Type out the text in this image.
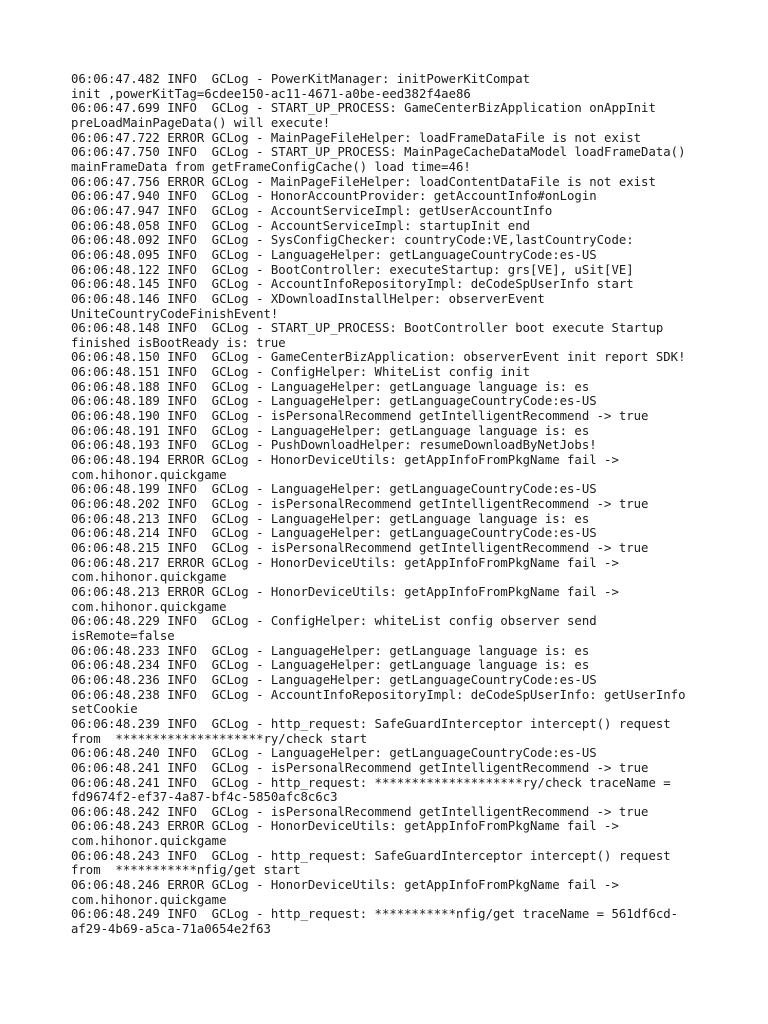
06:06:47.482 INFO  GCLog - PowerKitManager: initPowerKitCompat
init ,powerKitTag=6cdee150-ac11-4671-a0be-eed382f4ae86
06:06:47.699 INFO  GCLog - START_UP_PROCESS: GameCenterBizApplication onAppInit
preLoadMainPageData() will execute!
06:06:47.722 ERROR GCLog - MainPageFileHelper: loadFrameDataFile is not exist
06:06:47.750 INFO  GCLog - START_UP_PROCESS: MainPageCacheDataModel loadFrameData()
mainFrameData from getFrameConfigCache() load time=46!
06:06:47.756 ERROR GCLog - MainPageFileHelper: loadContentDataFile is not exist
06:06:47.940 INFO  GCLog - HonorAccountProvider: getAccountInfo#onLogin
06:06:47.947 INFO  GCLog - AccountServiceImpl: getUserAccountInfo
06:06:48.058 INFO  GCLog - AccountServiceImpl: startupInit end
06:06:48.092 INFO  GCLog - SysConfigChecker: countryCode:VE,lastCountryCode:
06:06:48.095 INFO  GCLog - LanguageHelper: getLanguageCountryCode:es-US
06:06:48.122 INFO  GCLog - BootController: executeStartup: grs[VE], uSit[VE]
06:06:48.145 INFO  GCLog - AccountInfoRepositoryImpl: deCodeSpUserInfo start
06:06:48.146 INFO  GCLog - XDownloadInstallHelper: observerEvent
UniteCountryCodeFinishEvent!
06:06:48.148 INFO  GCLog - START_UP_PROCESS: BootController boot execute Startup
finished isBootReady is: true
06:06:48.150 INFO  GCLog - GameCenterBizApplication: observerEvent init report SDK!
06:06:48.151 INFO  GCLog - ConfigHelper: WhiteList config init
06:06:48.188 INFO  GCLog - LanguageHelper: getLanguage language is: es
06:06:48.189 INFO  GCLog - LanguageHelper: getLanguageCountryCode:es-US
06:06:48.190 INFO  GCLog - isPersonalRecommend getIntelligentRecommend -> true
06:06:48.191 INFO  GCLog - LanguageHelper: getLanguage language is: es
06:06:48.193 INFO  GCLog - PushDownloadHelper: resumeDownloadByNetJobs!
06:06:48.194 ERROR GCLog - HonorDeviceUtils: getAppInfoFromPkgName fail ->
com.hihonor.quickgame
06:06:48.199 INFO  GCLog - LanguageHelper: getLanguageCountryCode:es-US
06:06:48.202 INFO  GCLog - isPersonalRecommend getIntelligentRecommend -> true
06:06:48.213 INFO  GCLog - LanguageHelper: getLanguage language is: es
06:06:48.214 INFO  GCLog - LanguageHelper: getLanguageCountryCode:es-US
06:06:48.215 INFO  GCLog - isPersonalRecommend getIntelligentRecommend -> true
06:06:48.217 ERROR GCLog - HonorDeviceUtils: getAppInfoFromPkgName fail ->
com.hihonor.quickgame
06:06:48.213 ERROR GCLog - HonorDeviceUtils: getAppInfoFromPkgName fail ->
com.hihonor.quickgame
06:06:48.229 INFO  GCLog - ConfigHelper: whiteList config observer send
isRemote=false
06:06:48.233 INFO  GCLog - LanguageHelper: getLanguage language is: es
06:06:48.234 INFO  GCLog - LanguageHelper: getLanguage language is: es
06:06:48.236 INFO  GCLog - LanguageHelper: getLanguageCountryCode:es-US
06:06:48.238 INFO  GCLog - AccountInfoRepositoryImpl: deCodeSpUserInfo: getUserInfo
setCookie
06:06:48.239 INFO  GCLog - http_request: SafeGuardInterceptor intercept() request
from  ********************ry/check start
06:06:48.240 INFO  GCLog - LanguageHelper: getLanguageCountryCode:es-US
06:06:48.241 INFO  GCLog - isPersonalRecommend getIntelligentRecommend -> true
06:06:48.241 INFO  GCLog - http_request: ********************ry/check traceName =
fd9674f2-ef37-4a87-bf4c-5850afc8c6c3
06:06:48.242 INFO  GCLog - isPersonalRecommend getIntelligentRecommend -> true
06:06:48.243 ERROR GCLog - HonorDeviceUtils: getAppInfoFromPkgName fail ->
com.hihonor.quickgame
06:06:48.243 INFO  GCLog - http_request: SafeGuardInterceptor intercept() request
from  ***********nfig/get start
06:06:48.246 ERROR GCLog - HonorDeviceUtils: getAppInfoFromPkgName fail ->
com.hihonor.quickgame
06:06:48.249 INFO  GCLog - http_request: ***********nfig/get traceName = 561df6cd-
af29-4b69-a5ca-71a0654e2f63
